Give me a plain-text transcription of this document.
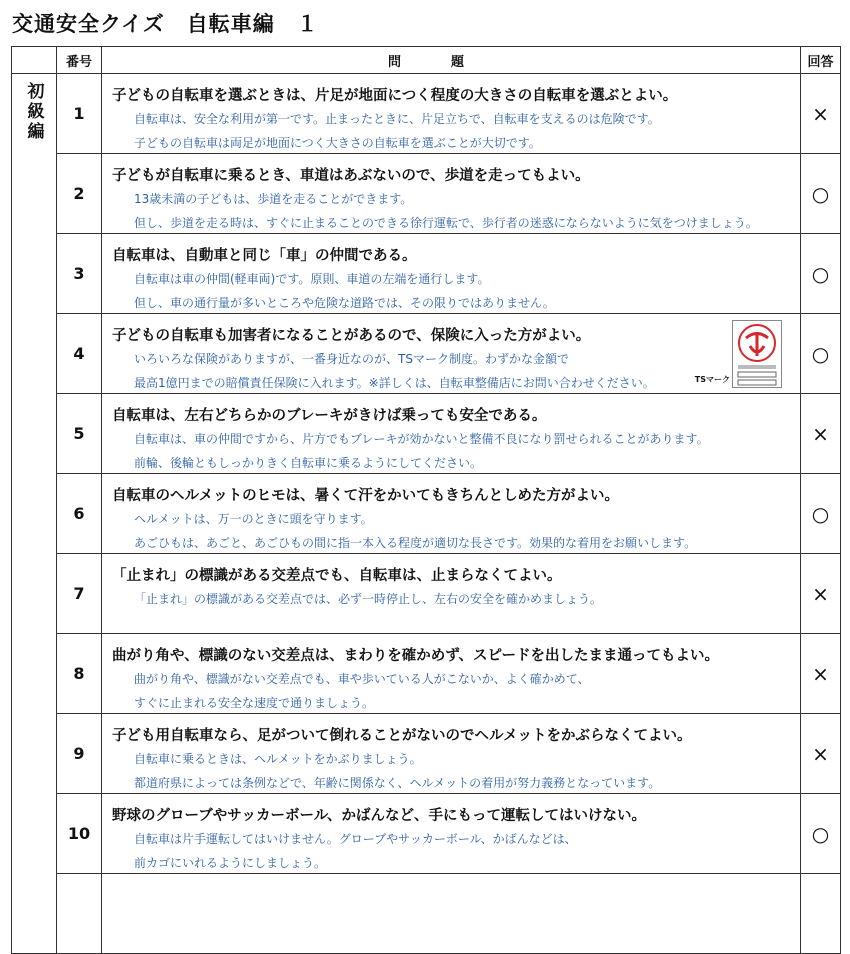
交通安全クイズ　自転車編　１
	番号	問題	回答
初級編	1	子どもの自転車を選ぶときは、片足が地面につく程度の大きさの自転車を選ぶとよい。
自転車は、安全な利用が第一です。止まったときに、片足立ちで、自転車を支えるのは危険です。
子どもの自転車は両足が地面につく大きさの自転車を選ぶことが大切です。	×
	2	子どもが自転車に乗るとき、車道はあぶないので、歩道を走ってもよい。
13歳未満の子どもは、歩道を走ることができます。
但し、歩道を走る時は、すぐに止まることのできる徐行運転で、歩行者の迷惑にならないように気をつけましょう。	○
	3	自転車は、自動車と同じ「車」の仲間である。
自転車は車の仲間(軽車両)です。原則、車道の左端を通行します。
但し、車の通行量が多いところや危険な道路では、その限りではありません。	○
	4	子どもの自転車も加害者になることがあるので、保険に入った方がよい。
いろいろな保険がありますが、一番身近なのが、TSマーク制度。わずかな金額で
最高1億円までの賠償責任保険に入れます。※詳しくは、自転車整備店にお問い合わせください。 TSマーク	○
	5	自転車は、左右どちらかのブレーキがきけば乗っても安全である。
自転車は、車の仲間ですから、片方でもブレーキが効かないと整備不良になり罰せられることがあります。
前輪、後輪ともしっかりきく自転車に乗るようにしてください。	×
	6	自転車のヘルメットのヒモは、暑くて汗をかいてもきちんとしめた方がよい。
ヘルメットは、万一のときに頭を守ります。
あごひもは、あごと、あごひもの間に指一本入る程度が適切な長さです。効果的な着用をお願いします。	○
	7	「止まれ」の標識がある交差点でも、自転車は、止まらなくてよい。
「止まれ」の標識がある交差点では、必ず一時停止し、左右の安全を確かめましょう。	×
	8	曲がり角や、標識のない交差点は、まわりを確かめず、スピードを出したまま通ってもよい。
曲がり角や、標識がない交差点でも、車や歩いている人がこないか、よく確かめて、
すぐに止まれる安全な速度で通りましょう。	×
	9	子ども用自転車なら、足がついて倒れることがないのでヘルメットをかぶらなくてよい。
自転車に乗るときは、ヘルメットをかぶりましょう。
都道府県によっては条例などで、年齢に関係なく、ヘルメットの着用が努力義務となっています。	×
	10	野球のグローブやサッカーボール、かばんなど、手にもって運転してはいけない。
自転車は片手運転してはいけません。グローブやサッカーボール、かばんなどは、
前カゴにいれるようにしましょう。	○
